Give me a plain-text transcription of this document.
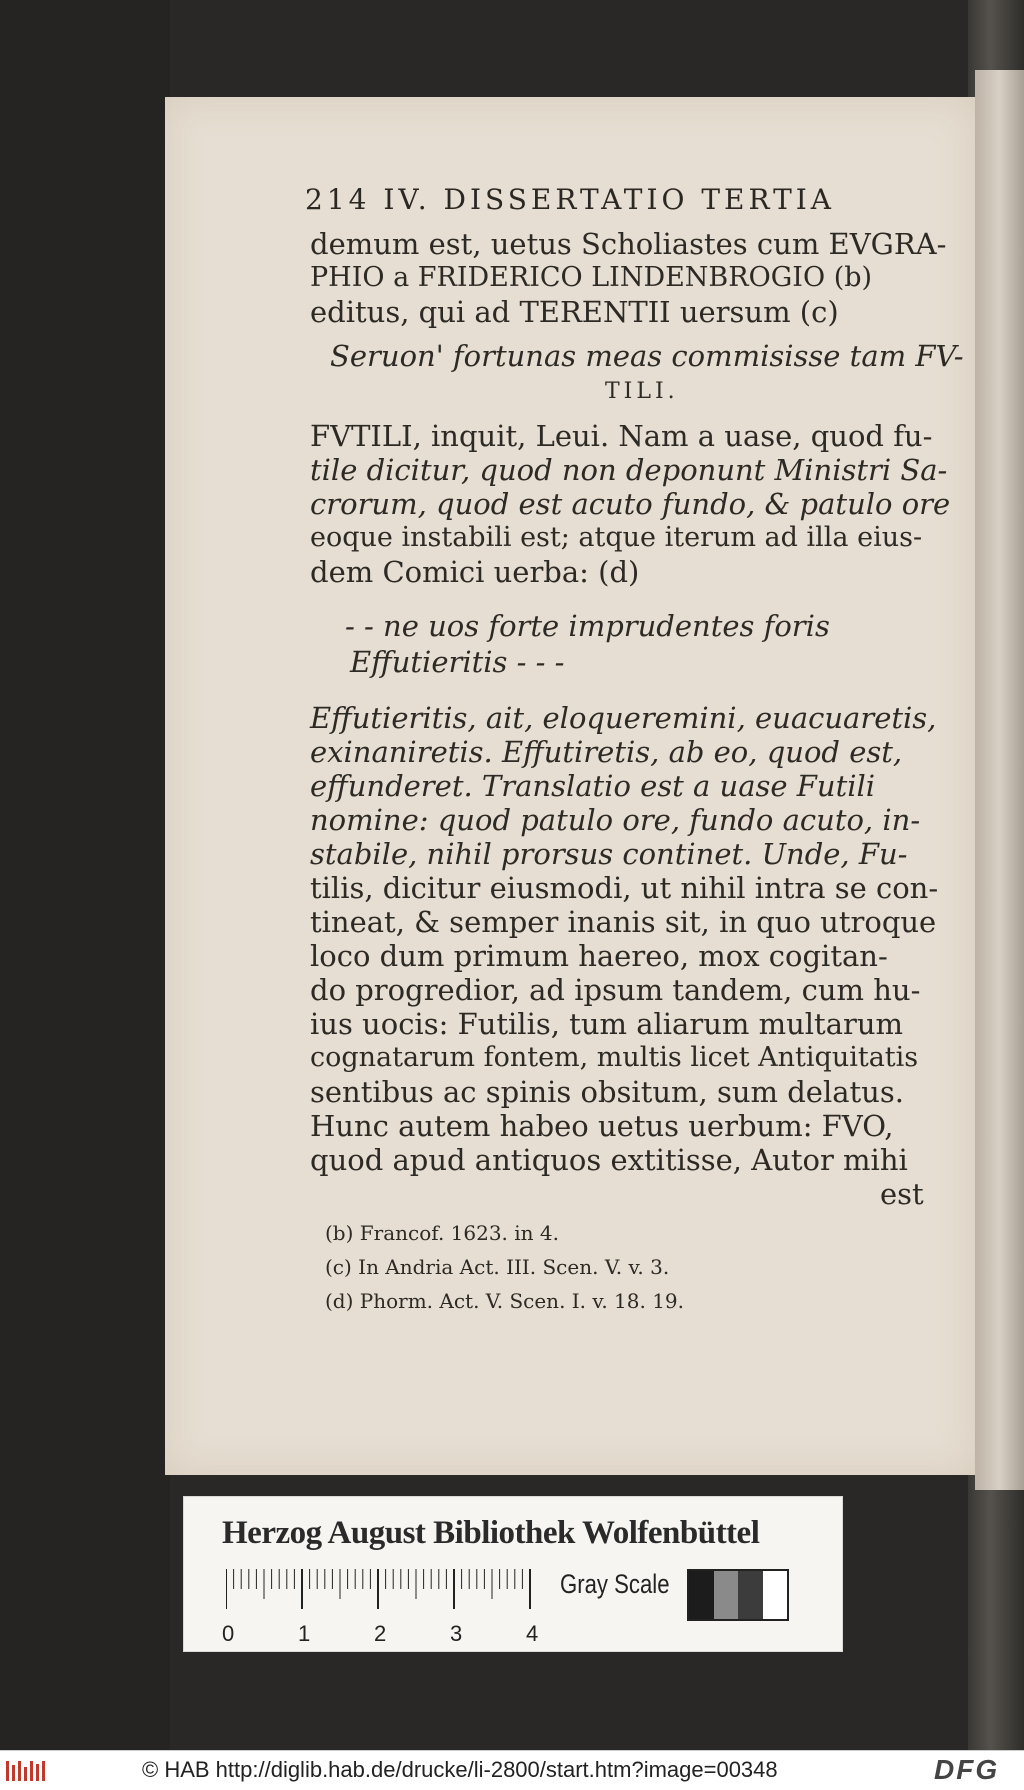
214 IV. DISSERTATIO TERTIA
demum est, uetus Scholiastes cum EVGRA-
PHIO a FRIDERICO LINDENBROGIO (b)
editus, qui ad TERENTII uersum (c)
Seruon' fortunas meas commisisse tam FV-
TILI.
FVTILI, inquit, Leui. Nam a uase, quod fu-
tile dicitur, quod non deponunt Ministri Sa-
crorum, quod est acuto fundo, & patulo ore
eoque instabili est; atque iterum ad illa eius-
dem Comici uerba: (d)
- - ne uos forte imprudentes foris
Effutieritis - - -
Effutieritis, ait, eloqueremini, euacuaretis,
exinaniretis. Effutiretis, ab eo, quod est,
effunderet. Translatio est a uase Futili
nomine: quod patulo ore, fundo acuto, in-
stabile, nihil prorsus continet. Unde, Fu-
tilis, dicitur eiusmodi, ut nihil intra se con-
tineat, & semper inanis sit, in quo utroque
loco dum primum haereo, mox cogitan-
do progredior, ad ipsum tandem, cum hu-
ius uocis: Futilis, tum aliarum multarum
cognatarum fontem, multis licet Antiquitatis
sentibus ac spinis obsitum, sum delatus.
Hunc autem habeo uetus uerbum: FVO,
quod apud antiquos extitisse, Autor mihi
est
(b) Francof. 1623. in 4.
(c) In Andria Act. III. Scen. V. v. 3.
(d) Phorm. Act. V. Scen. I. v. 18. 19.
Herzog August Bibliothek Wolfenbüttel
0	1	2	3	4
Gray Scale
© HAB http://diglib.hab.de/drucke/li-2800/start.htm?image=00348	DFG
